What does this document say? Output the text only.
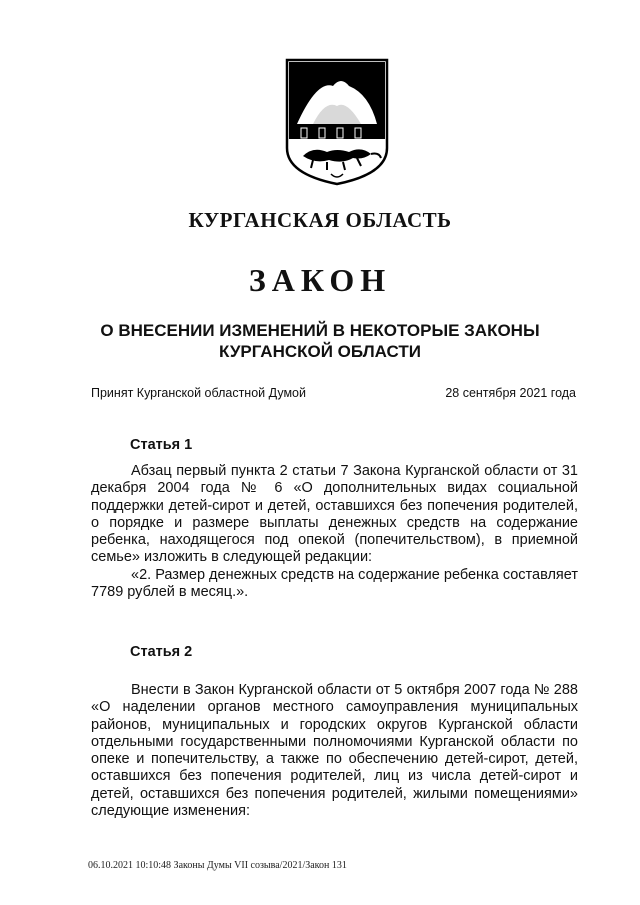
КУРГАНСКАЯ ОБЛАСТЬ
ЗАКОН
О ВНЕСЕНИИ ИЗМЕНЕНИЙ В НЕКОТОРЫЕ ЗАКОНЫ
КУРГАНСКОЙ ОБЛАСТИ
Принят Курганской областной Думой	28 сентября 2021 года
Статья 1

Абзац первый пункта 2 статьи 7 Закона Курганской области от 31 декабря 2004 года № 6 «О дополнительных видах социальной поддержки детей-сирот и детей, оставшихся без попечения родителей, о порядке и размере выплаты денежных средств на содержание ребенка, находящегося под опекой (попечительством), в приемной семье» изложить в следующей редакции:

«2. Размер денежных средств на содержание ребенка составляет 7789 рублей в месяц.».

Статья 2

Внести в Закон Курганской области от 5 октября 2007 года № 288 «О наделении органов местного самоуправления муниципальных районов, муниципальных и городских округов Курганской области отдельными государственными полномочиями Курганской области по опеке и попечительству, а также по обеспечению детей-сирот, детей, оставшихся без попечения родителей, лиц из числа детей-сирот и детей, оставшихся без попечения родителей, жилыми помещениями» следующие изменения:

06.10.2021 10:10:48 Законы Думы VII созыва/2021/Закон 131
